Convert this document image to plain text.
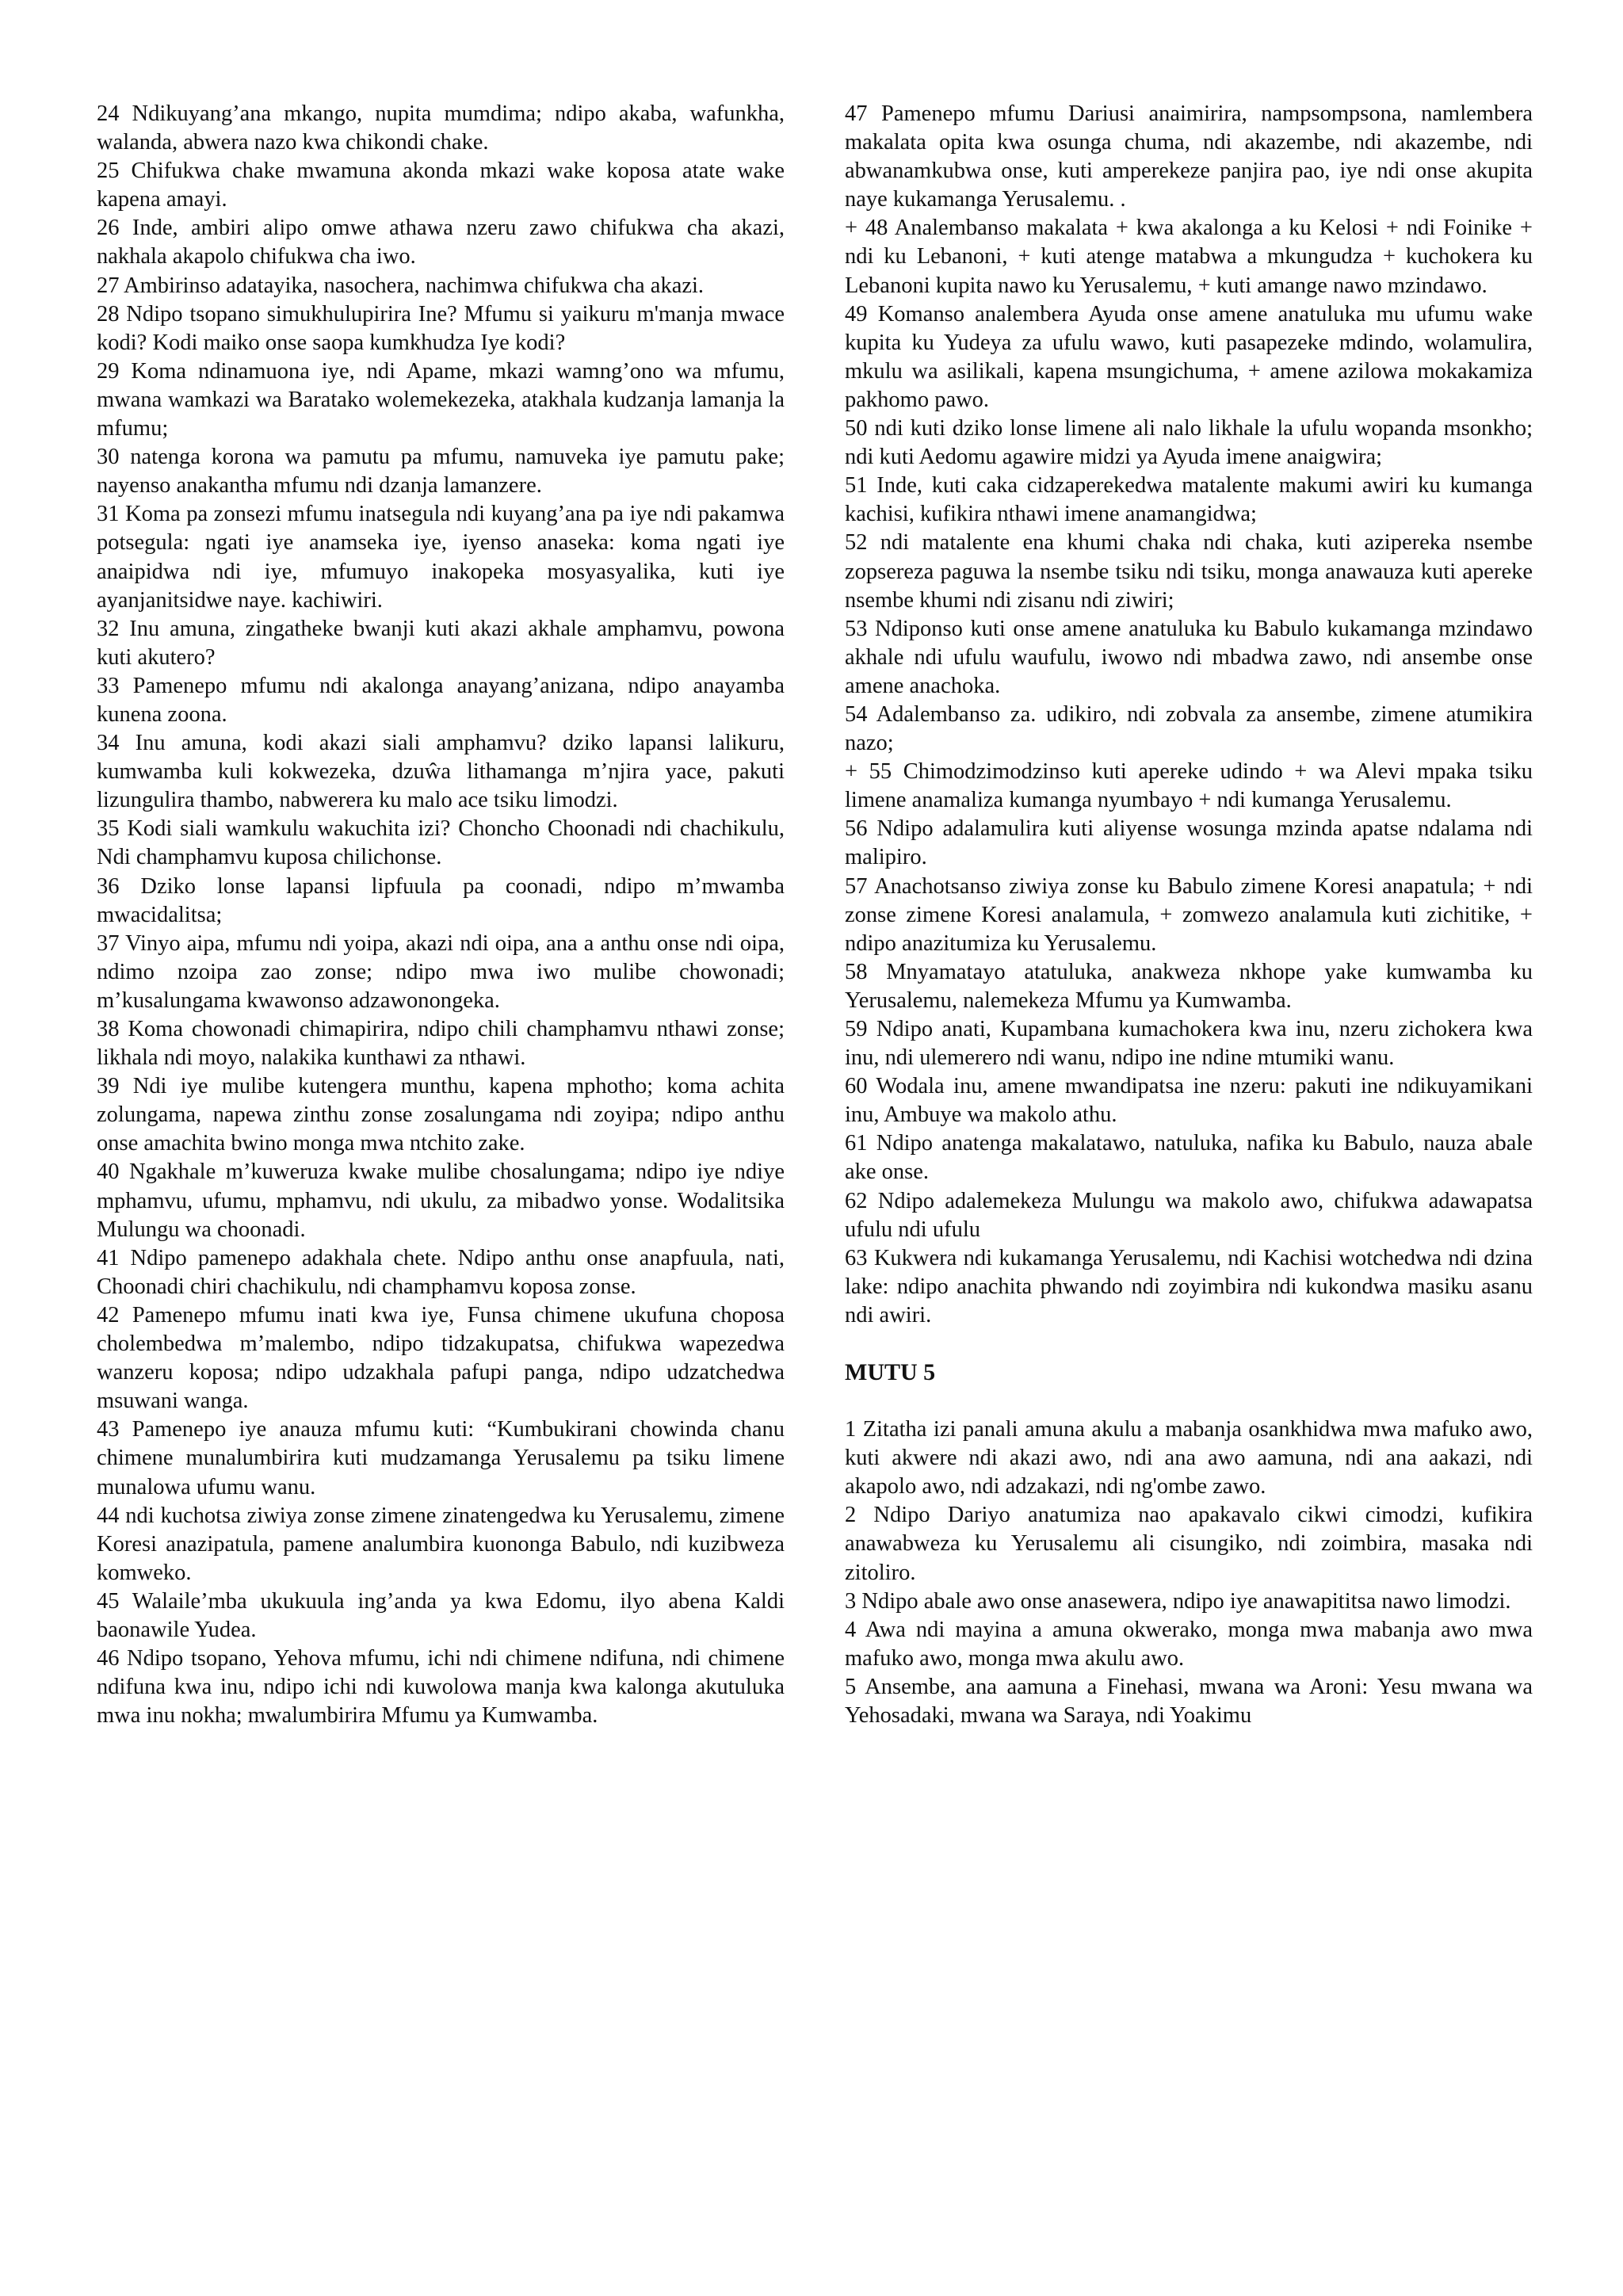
24 Ndikuyang’ana mkango, nupita mumdima; ndipo akaba, wafunkha, walanda, abwera nazo kwa chikondi chake.

25 Chifukwa chake mwamuna akonda mkazi wake koposa atate wake kapena amayi.

26 Inde, ambiri alipo omwe athawa nzeru zawo chifukwa cha akazi, nakhala akapolo chifukwa cha iwo.

27 Ambirinso adatayika, nasochera, nachimwa chifukwa cha akazi.

28 Ndipo tsopano simukhulupirira Ine? Mfumu si yaikuru m'manja mwace kodi? Kodi maiko onse saopa kumkhudza Iye kodi?

29 Koma ndinamuona iye, ndi Apame, mkazi wamng’ono wa mfumu, mwana wamkazi wa Baratako wolemekezeka, atakhala kudzanja lamanja la mfumu;

30 natenga korona wa pamutu pa mfumu, namuveka iye pamutu pake; nayenso anakantha mfumu ndi dzanja lamanzere.

31 Koma pa zonsezi mfumu inatsegula ndi kuyang’ana pa iye ndi pakamwa potsegula: ngati iye anamseka iye, iyenso anaseka: koma ngati iye anaipidwa ndi iye, mfumuyo inakopeka mosyasyalika, kuti iye ayanjanitsidwe naye. kachiwiri.

32 Inu amuna, zingatheke bwanji kuti akazi akhale amphamvu, powona kuti akutero?

33 Pamenepo mfumu ndi akalonga anayang’anizana, ndipo anayamba kunena zoona.

34 Inu amuna, kodi akazi siali amphamvu? dziko lapansi lalikuru, kumwamba kuli kokwezeka, dzuŵa lithamanga m’njira yace, pakuti lizungulira thambo, nabwerera ku malo ace tsiku limodzi.

35 Kodi siali wamkulu wakuchita izi? Choncho Choonadi ndi chachikulu, Ndi champhamvu kuposa chilichonse.

36 Dziko lonse lapansi lipfuula pa coonadi, ndipo m’mwamba mwacidalitsa;

37 Vinyo aipa, mfumu ndi yoipa, akazi ndi oipa, ana a anthu onse ndi oipa, ndimo nzoipa zao zonse; ndipo mwa iwo mulibe chowonadi; m’kusalungama kwawonso adzawonongeka.

38 Koma chowonadi chimapirira, ndipo chili champhamvu nthawi zonse; likhala ndi moyo, nalakika kunthawi za nthawi.

39 Ndi iye mulibe kutengera munthu, kapena mphotho; koma achita zolungama, napewa zinthu zonse zosalungama ndi zoyipa; ndipo anthu onse amachita bwino monga mwa ntchito zake.

40 Ngakhale m’kuweruza kwake mulibe chosalungama; ndipo iye ndiye mphamvu, ufumu, mphamvu, ndi ukulu, za mibadwo yonse. Wodalitsika Mulungu wa choonadi.

41 Ndipo pamenepo adakhala chete. Ndipo anthu onse anapfuula, nati, Choonadi chiri chachikulu, ndi champhamvu koposa zonse.

42 Pamenepo mfumu inati kwa iye, Funsa chimene ukufuna choposa cholembedwa m’malembo, ndipo tidzakupatsa, chifukwa wapezedwa wanzeru koposa; ndipo udzakhala pafupi panga, ndipo udzatchedwa msuwani wanga.

43 Pamenepo iye anauza mfumu kuti: “Kumbukirani chowinda chanu chimene munalumbirira kuti mudzamanga Yerusalemu pa tsiku limene munalowa ufumu wanu.

44 ndi kuchotsa ziwiya zonse zimene zinatengedwa ku Yerusalemu, zimene Koresi anazipatula, pamene analumbira kuononga Babulo, ndi kuzibweza komweko.

45 Walaile’mba ukukuula ing’anda ya kwa Edomu, ilyo abena Kaldi baonawile Yudea.

46 Ndipo tsopano, Yehova mfumu, ichi ndi chimene ndifuna, ndi chimene ndifuna kwa inu, ndipo ichi ndi kuwolowa manja kwa kalonga akutuluka mwa inu nokha; mwalumbirira Mfumu ya Kumwamba.

47 Pamenepo mfumu Dariusi anaimirira, nampsompsona, namlembera makalata opita kwa osunga chuma, ndi akazembe, ndi akazembe, ndi abwanamkubwa onse, kuti amperekeze panjira pao, iye ndi onse akupita naye kukamanga Yerusalemu. .

+ 48 Analembanso makalata + kwa akalonga a ku Kelosi + ndi Foinike + ndi ku Lebanoni, + kuti atenge matabwa a mkungudza + kuchokera ku Lebanoni kupita nawo ku Yerusalemu, + kuti amange nawo mzindawo.

49 Komanso analembera Ayuda onse amene anatuluka mu ufumu wake kupita ku Yudeya za ufulu wawo, kuti pasapezeke mdindo, wolamulira, mkulu wa asilikali, kapena msungichuma, + amene azilowa mokakamiza pakhomo pawo.

50 ndi kuti dziko lonse limene ali nalo likhale la ufulu wopanda msonkho; ndi kuti Aedomu agawire midzi ya Ayuda imene anaigwira;

51 Inde, kuti caka cidzaperekedwa matalente makumi awiri ku kumanga kachisi, kufikira nthawi imene anamangidwa;

52 ndi matalente ena khumi chaka ndi chaka, kuti azipereka nsembe zopsereza paguwa la nsembe tsiku ndi tsiku, monga anawauza kuti apereke nsembe khumi ndi zisanu ndi ziwiri;

53 Ndiponso kuti onse amene anatuluka ku Babulo kukamanga mzindawo akhale ndi ufulu waufulu, iwowo ndi mbadwa zawo, ndi ansembe onse amene anachoka.

54 Adalembanso za. udikiro, ndi zobvala za ansembe, zimene atumikira nazo;

+ 55 Chimodzimodzinso kuti apereke udindo + wa Alevi mpaka tsiku limene anamaliza kumanga nyumbayo + ndi kumanga Yerusalemu.

56 Ndipo adalamulira kuti aliyense wosunga mzinda apatse ndalama ndi malipiro.

57 Anachotsanso ziwiya zonse ku Babulo zimene Koresi anapatula; + ndi zonse zimene Koresi analamula, + zomwezo analamula kuti zichitike, + ndipo anazitumiza ku Yerusalemu.

58 Mnyamatayo atatuluka, anakweza nkhope yake kumwamba ku Yerusalemu, nalemekeza Mfumu ya Kumwamba.

59 Ndipo anati, Kupambana kumachokera kwa inu, nzeru zichokera kwa inu, ndi ulemerero ndi wanu, ndipo ine ndine mtumiki wanu.

60 Wodala inu, amene mwandipatsa ine nzeru: pakuti ine ndikuyamikani inu, Ambuye wa makolo athu.

61 Ndipo anatenga makalatawo, natuluka, nafika ku Babulo, nauza abale ake onse.

62 Ndipo adalemekeza Mulungu wa makolo awo, chifukwa adawapatsa ufulu ndi ufulu

63 Kukwera ndi kukamanga Yerusalemu, ndi Kachisi wotchedwa ndi dzina lake: ndipo anachita phwando ndi zoyimbira ndi kukondwa masiku asanu ndi awiri.

MUTU 5

1 Zitatha izi panali amuna akulu a mabanja osankhidwa mwa mafuko awo, kuti akwere ndi akazi awo, ndi ana awo aamuna, ndi ana aakazi, ndi akapolo awo, ndi adzakazi, ndi ng'ombe zawo.

2 Ndipo Dariyo anatumiza nao apakavalo cikwi cimodzi, kufikira anawabweza ku Yerusalemu ali cisungiko, ndi zoimbira, masaka ndi zitoliro.

3 Ndipo abale awo onse anasewera, ndipo iye anawapititsa nawo limodzi.

4 Awa ndi mayina a amuna okwerako, monga mwa mabanja awo mwa mafuko awo, monga mwa akulu awo.

5 Ansembe, ana aamuna a Finehasi, mwana wa Aroni: Yesu mwana wa Yehosadaki, mwana wa Saraya, ndi Yoakimu
